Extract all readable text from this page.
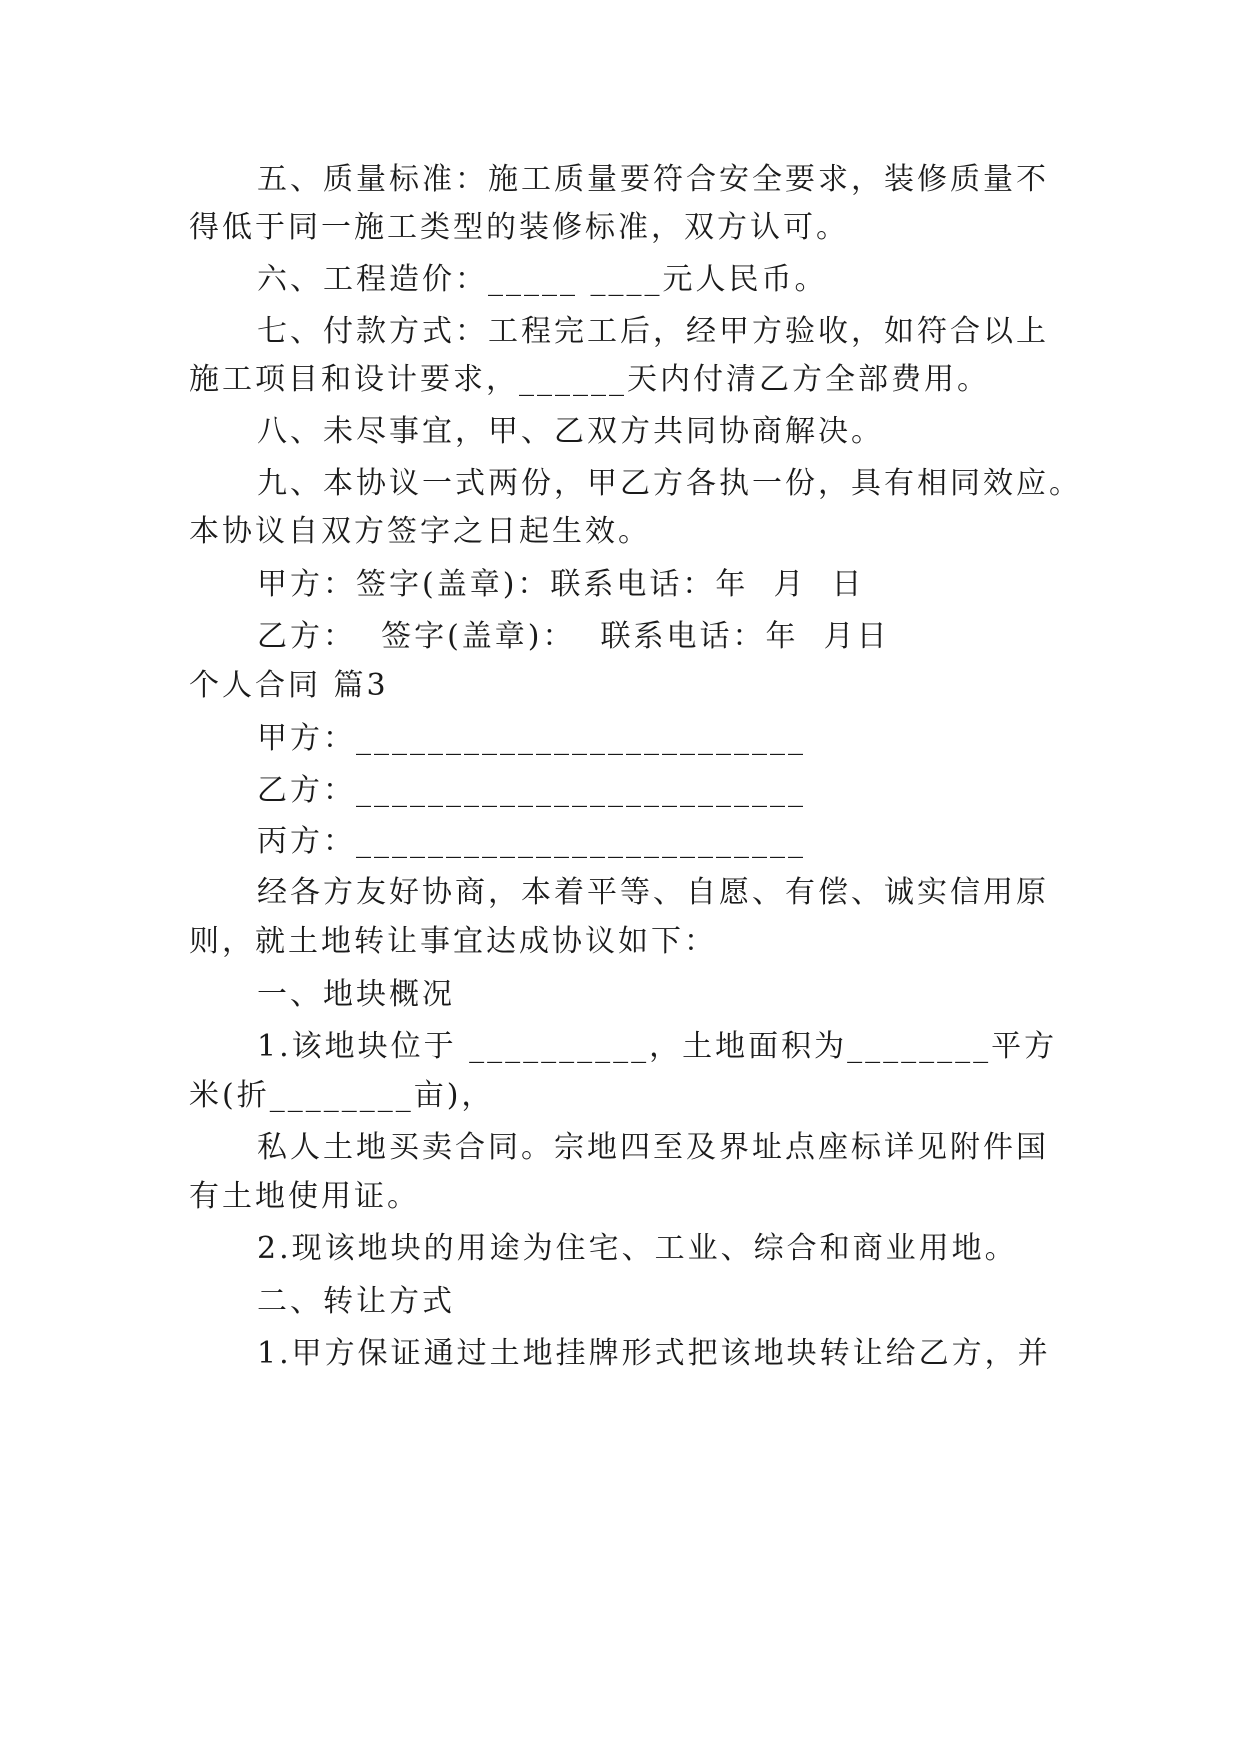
五、质量标准：施工质量要符合安全要求，装修质量不
得低于同一施工类型的装修标准，双方认可。
六、工程造价：_____ ____元人民币。
七、付款方式：工程完工后，经甲方验收，如符合以上
施工项目和设计要求，______天内付清乙方全部费用。
八、未尽事宜，甲、乙双方共同协商解决。
九、本协议一式两份，甲乙方各执一份，具有相同效应。
本协议自双方签字之日起生效。
甲方：签字(盖章)：联系电话：年  月  日
乙方：  签字(盖章)：  联系电话：年  月日
个人合同 篇3
甲方：_________________________
乙方：_________________________
丙方：_________________________
经各方友好协商，本着平等、自愿、有偿、诚实信用原
则，就土地转让事宜达成协议如下：
一、地块概况
1.该地块位于 __________，土地面积为________平方
米(折________亩)，
私人土地买卖合同。宗地四至及界址点座标详见附件国
有土地使用证。
2.现该地块的用途为住宅、工业、综合和商业用地。
二、转让方式
1.甲方保证通过土地挂牌形式把该地块转让给乙方，并
